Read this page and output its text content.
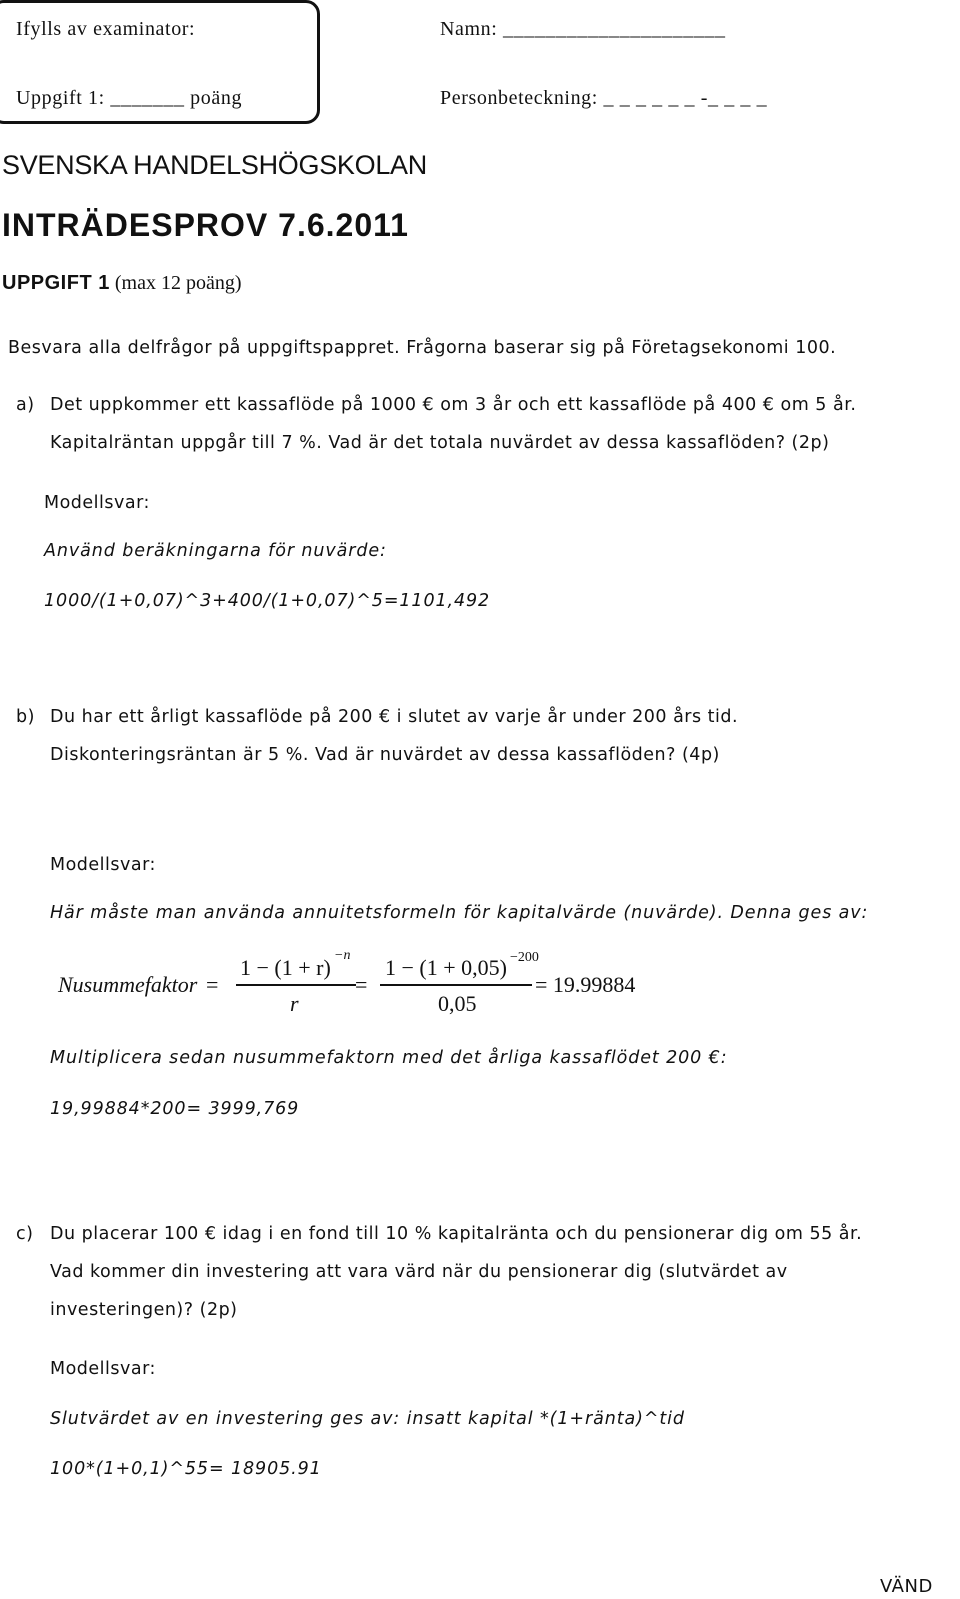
Ifylls av examinator:
Uppgift 1: _______ poäng
Namn: _____________________
Personbeteckning: _ _ _ _ _ _ -_ _ _ _
SVENSKA HANDELSHÖGSKOLAN
INTRÄDESPROV 7.6.2011
UPPGIFT 1 (max 12 poäng)
Besvara alla delfrågor på uppgiftspappret. Frågorna baserar sig på Företagsekonomi 100.
a) Det uppkommer ett kassaflöde på 1000 € om 3 år och ett kassaflöde på 400 € om 5 år.
Kapitalräntan uppgår till 7 %. Vad är det totala nuvärdet av dessa kassaflöden? (2p)
Modellsvar:
Använd beräkningarna för nuvärde:
1000/(1+0,07)^3+400/(1+0,07)^5=1101,492
b) Du har ett årligt kassaflöde på 200 € i slutet av varje år under 200 års tid.
Diskonteringsräntan är 5 %. Vad är nuvärdet av dessa kassaflöden? (4p)
Modellsvar:
Här måste man använda annuitetsformeln för kapitalvärde (nuvärde). Denna ges av:
Nusummefaktor =
1 − (1 + r) −n
r
=
1 − (1 + 0,05) −200
0,05
= 19.99884
Multiplicera sedan nusummefaktorn med det årliga kassaflödet 200 €:
19,99884*200= 3999,769
c) Du placerar 100 € idag i en fond till 10 % kapitalränta och du pensionerar dig om 55 år.
Vad kommer din investering att vara värd när du pensionerar dig (slutvärdet av
investeringen)? (2p)
Modellsvar:
Slutvärdet av en investering ges av: insatt kapital *(1+ränta)^tid
100*(1+0,1)^55= 18905.91
VÄND
